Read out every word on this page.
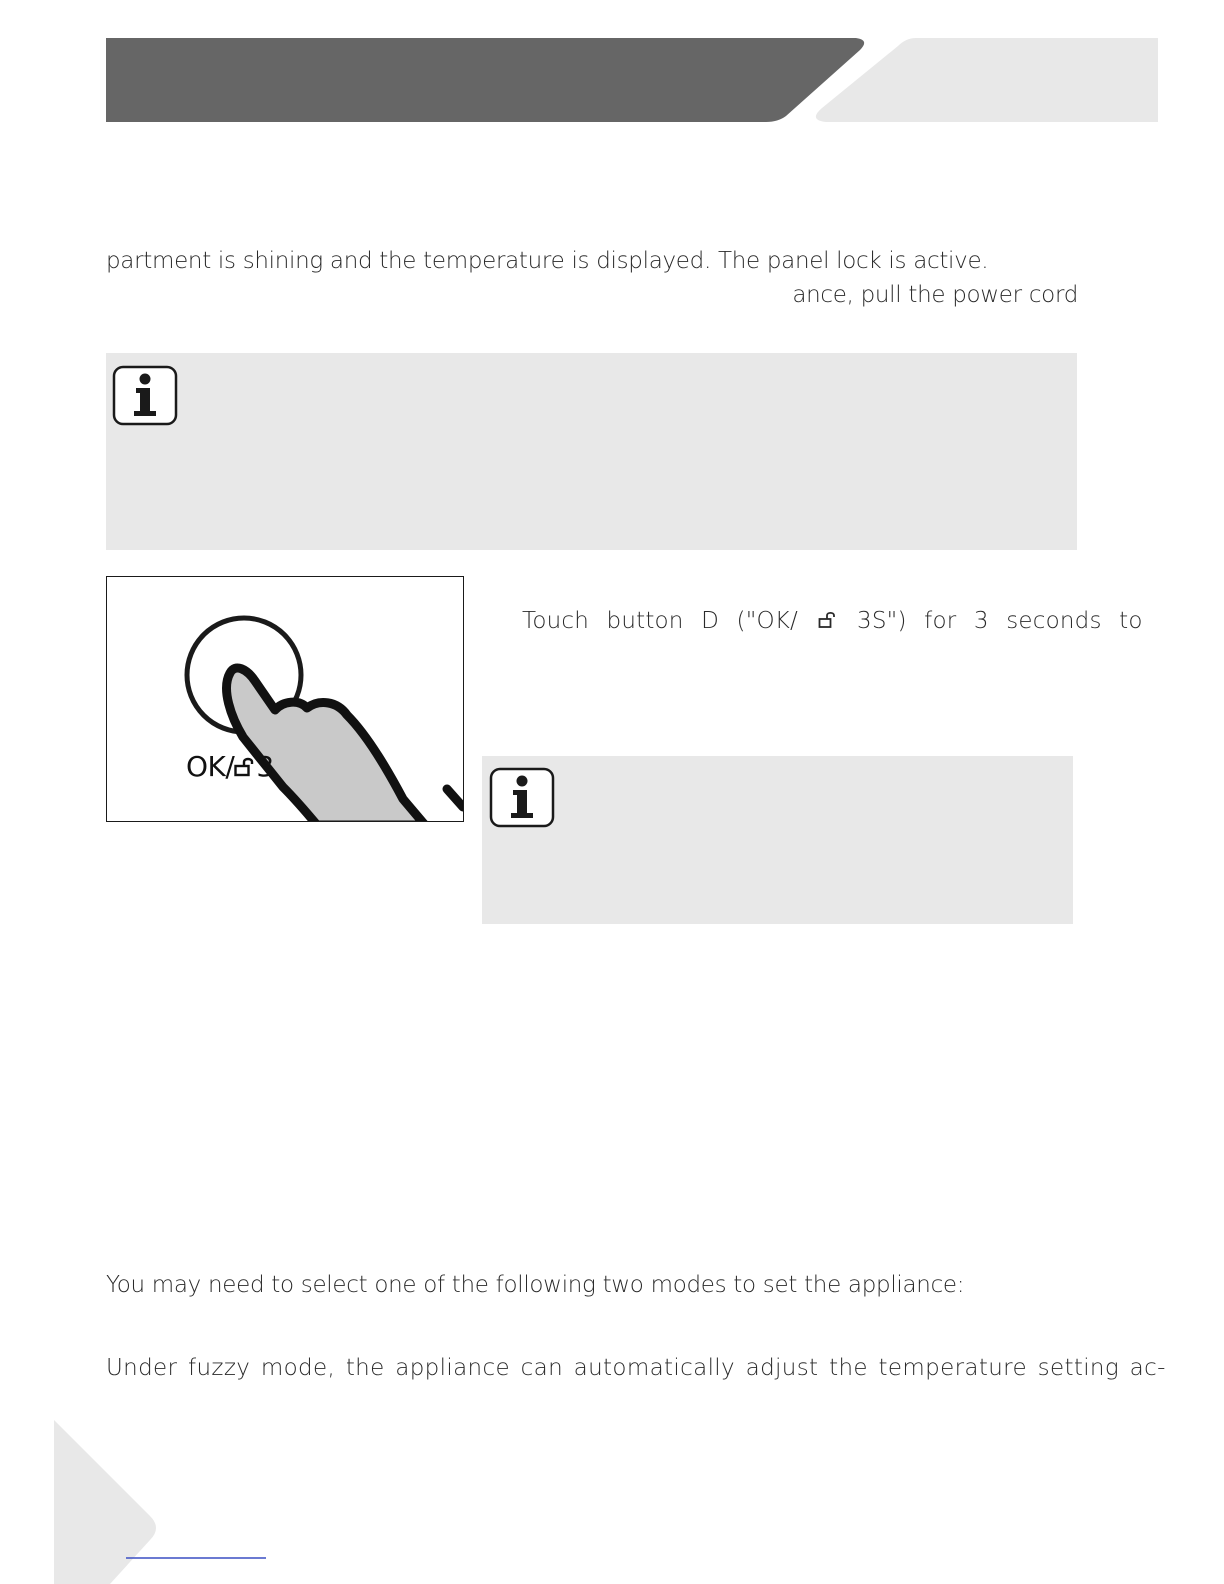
partment is shining and the temperature is displayed. The panel lock is active.

ance, pull the power cord

OK/ 3
Touch button D ("OK/	3S") for 3 seconds to

You may need to select one of the following two modes to set the appliance:

Under fuzzy mode, the appliance can automatically adjust the temperature setting ac-
